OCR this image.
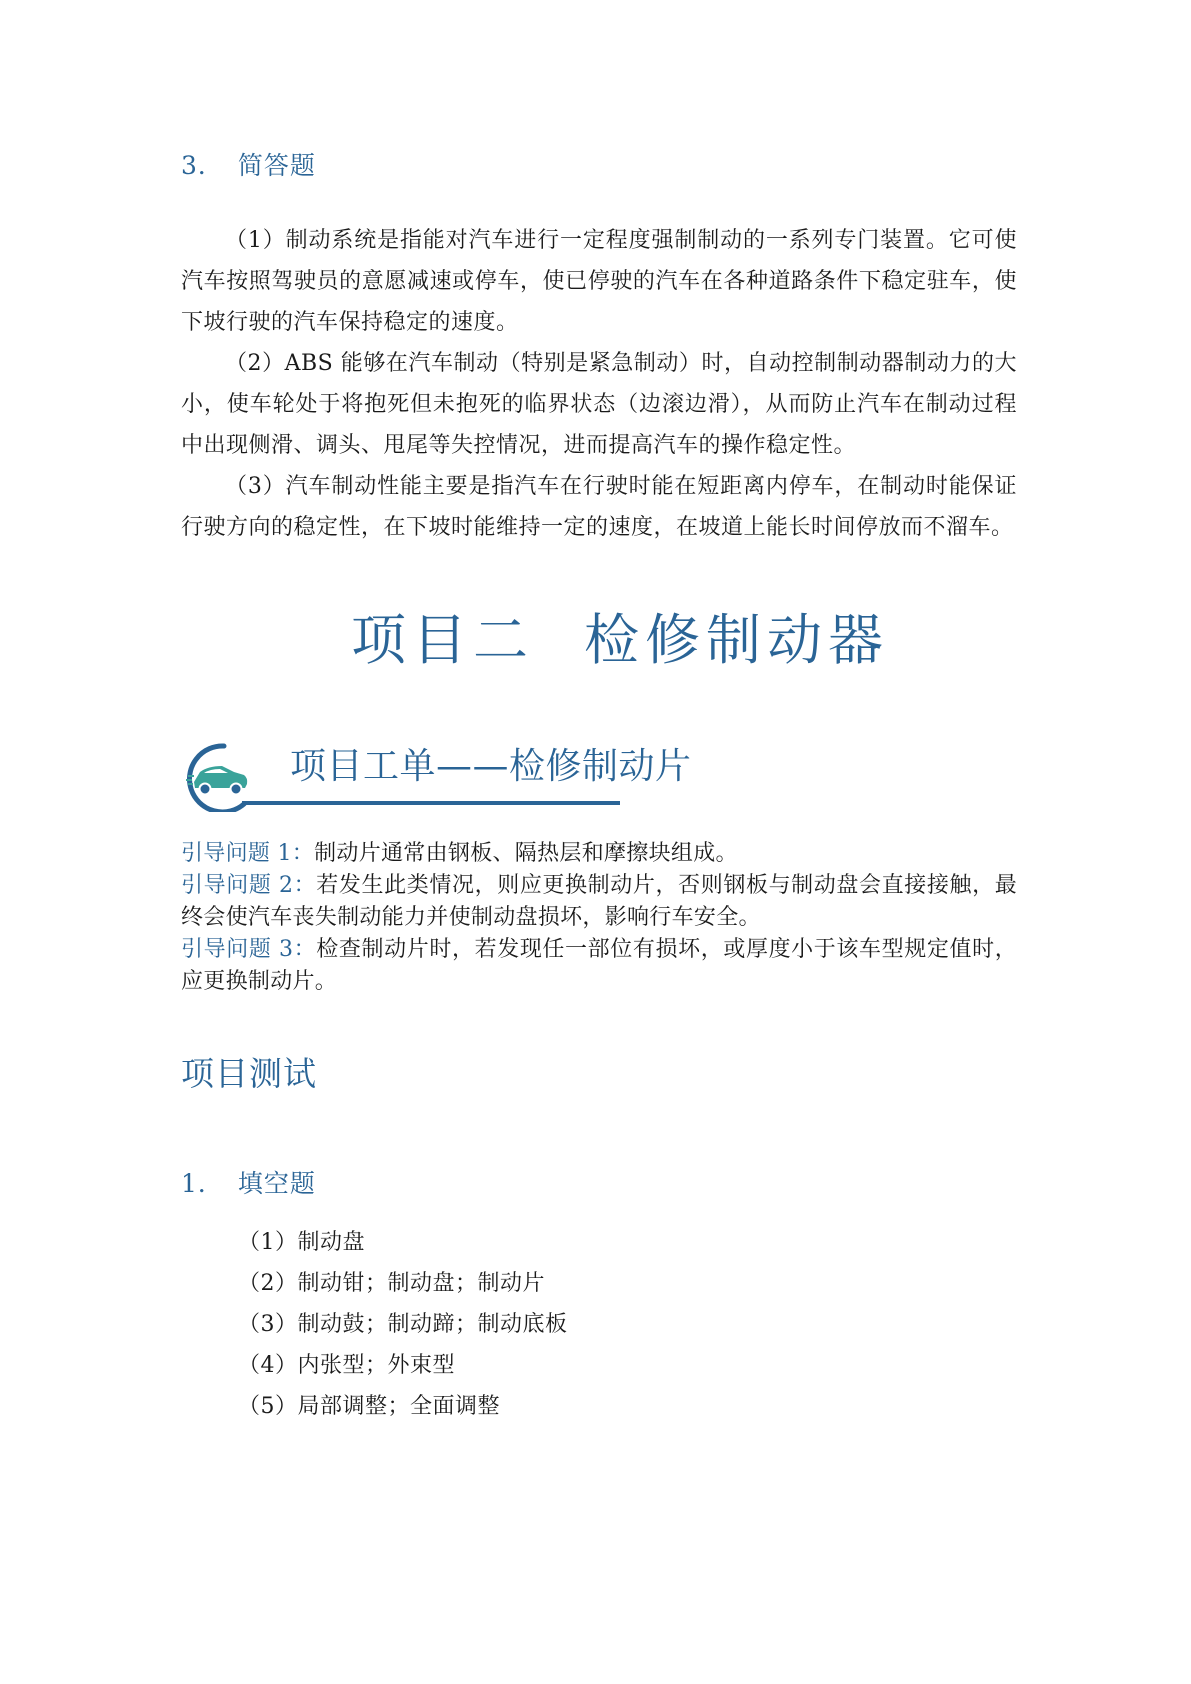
3． 简答题

（1）制动系统是指能对汽车进行一定程度强制制动的一系列专门装置。它可使汽车按照驾驶员的意愿减速或停车，使已停驶的汽车在各种道路条件下稳定驻车，使下坡行驶的汽车保持稳定的速度。

（2）ABS 能够在汽车制动（特别是紧急制动）时，自动控制制动器制动力的大小，使车轮处于将抱死但未抱死的临界状态（边滚边滑），从而防止汽车在制动过程中出现侧滑、调头、甩尾等失控情况，进而提高汽车的操作稳定性。

（3）汽车制动性能主要是指汽车在行驶时能在短距离内停车，在制动时能保证行驶方向的稳定性，在下坡时能维持一定的速度，在坡道上能长时间停放而不溜车。

项目二 检修制动器
项目工单——检修制动片

引导问题 1：制动片通常由钢板、隔热层和摩擦块组成。

引导问题 2：若发生此类情况，则应更换制动片，否则钢板与制动盘会直接接触，最终会使汽车丧失制动能力并使制动盘损坏，影响行车安全。

引导问题 3：检查制动片时，若发现任一部位有损坏，或厚度小于该车型规定值时，应更换制动片。

项目测试
1． 填空题
（1）制动盘
（2）制动钳；制动盘；制动片
（3）制动鼓；制动蹄；制动底板
（4）内张型；外束型
（5）局部调整；全面调整
